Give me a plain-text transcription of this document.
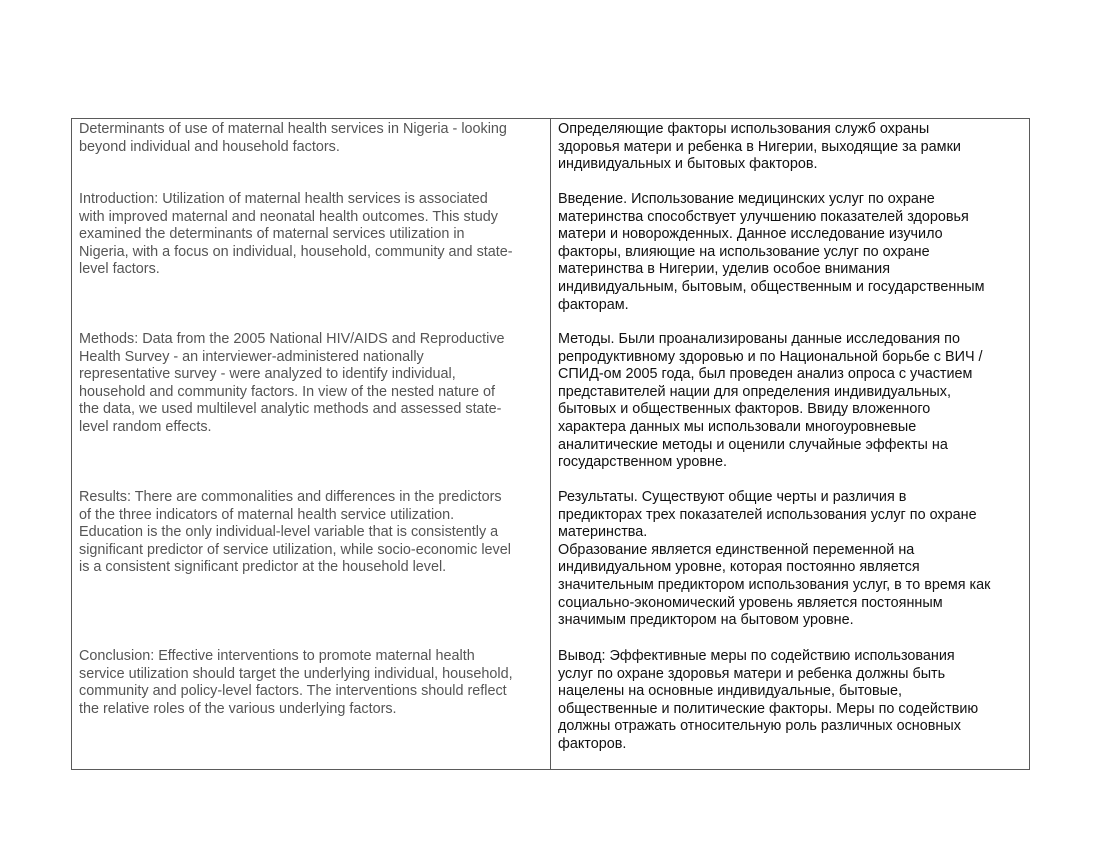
Determinants of use of maternal health services in Nigeria - looking
beyond individual and household factors.

Introduction: Utilization of maternal health services is associated
with improved maternal and neonatal health outcomes. This study
examined the determinants of maternal services utilization in
Nigeria, with a focus on individual, household, community and state-
level factors.

Methods: Data from the 2005 National HIV/AIDS and Reproductive
Health Survey - an interviewer-administered nationally
representative survey - were analyzed to identify individual,
household and community factors. In view of the nested nature of
the data, we used multilevel analytic methods and assessed state-
level random effects.

Results: There are commonalities and differences in the predictors
of the three indicators of maternal health service utilization.
Education is the only individual-level variable that is consistently a
significant predictor of service utilization, while socio-economic level
is a consistent significant predictor at the household level.

Conclusion: Effective interventions to promote maternal health
service utilization should target the underlying individual, household,
community and policy-level factors. The interventions should reflect
the relative roles of the various underlying factors.

Определяющие факторы использования служб охраны
здоровья матери и ребенка в Нигерии, выходящие за рамки
индивидуальных и бытовых факторов.

Введение. Использование медицинских услуг по охране
материнства способствует улучшению показателей здоровья
матери и новорожденных. Данное исследование изучило
факторы, влияющие на использование услуг по охране
материнства в Нигерии, уделив особое внимания
индивидуальным, бытовым, общественным и государственным
факторам.

Методы. Были проанализированы данные исследования по
репродуктивному здоровью и по Национальной борьбе с ВИЧ /
СПИД-ом 2005 года, был проведен анализ опроса с участием
представителей нации для определения индивидуальных,
бытовых и общественных факторов. Ввиду вложенного
характера данных мы использовали многоуровневые
аналитические методы и оценили случайные эффекты на
государственном уровне.

Результаты. Существуют общие черты и различия в
предикторах трех показателей использования услуг по охране
материнства.
Образование является единственной переменной на
индивидуальном уровне, которая постоянно является
значительным предиктором использования услуг, в то время как
социально-экономический уровень является постоянным
значимым предиктором на бытовом уровне.

Вывод: Эффективные меры по содействию использования
услуг по охране здоровья матери и ребенка должны быть
нацелены на основные индивидуальные, бытовые,
общественные и политические факторы. Меры по содействию
должны отражать относительную роль различных основных
факторов.
